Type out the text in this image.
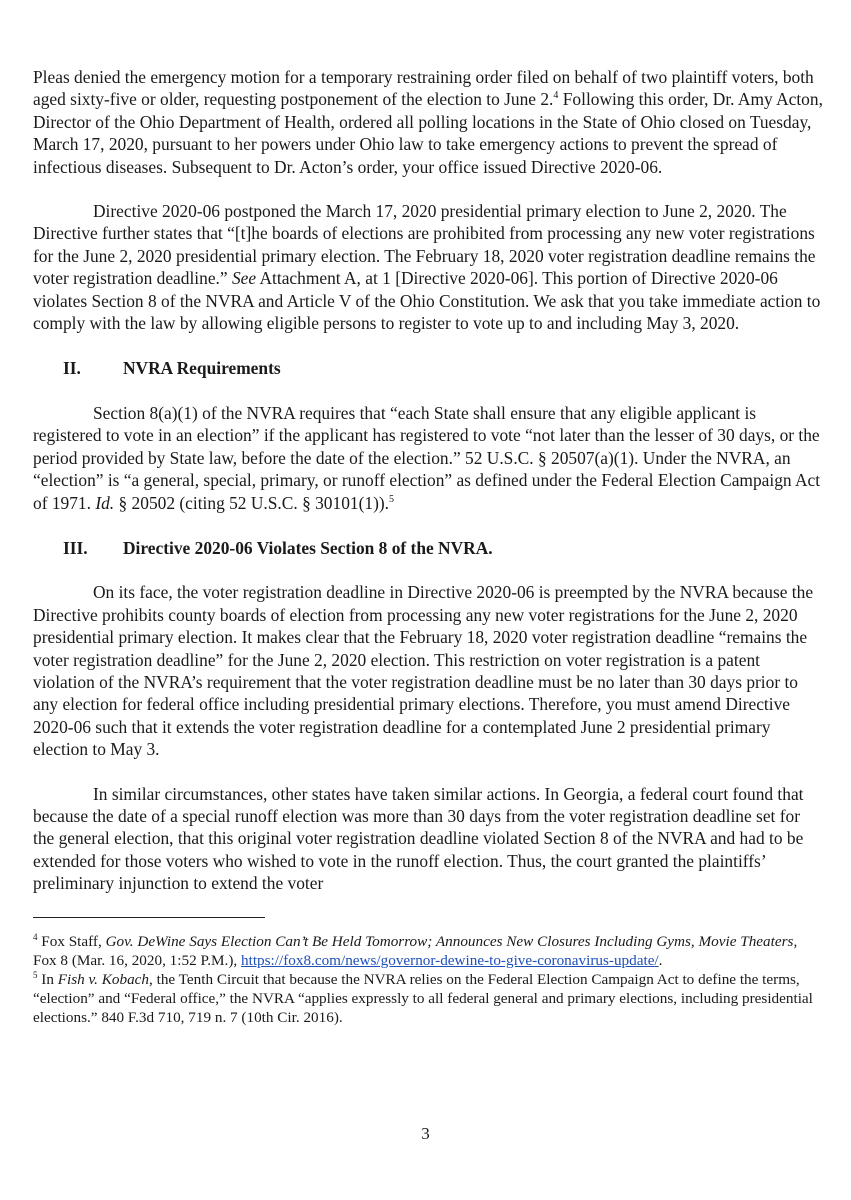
Pleas denied the emergency motion for a temporary restraining order filed on behalf of two plaintiff voters, both aged sixty-five or older, requesting postponement of the election to June 2.$^4$ Following this order, Dr. Amy Acton, Director of the Ohio Department of Health, ordered all polling locations in the State of Ohio closed on Tuesday, March 17, 2020, pursuant to her powers under Ohio law to take emergency actions to prevent the spread of infectious diseases. Subsequent to Dr. Acton’s order, your office issued Directive 2020-06.

Directive 2020-06 postponed the March 17, 2020 presidential primary election to June 2, 2020. The Directive further states that “[t]he boards of elections are prohibited from processing any new voter registrations for the June 2, 2020 presidential primary election. The February 18, 2020 voter registration deadline remains the voter registration deadline.” See Attachment A, at 1 [Directive 2020-06]. This portion of Directive 2020-06 violates Section 8 of the NVRA and Article V of the Ohio Constitution. We ask that you take immediate action to comply with the law by allowing eligible persons to register to vote up to and including May 3, 2020.

II.	NVRA Requirements

Section 8(a)(1) of the NVRA requires that “each State shall ensure that any eligible applicant is registered to vote in an election” if the applicant has registered to vote “not later than the lesser of 30 days, or the period provided by State law, before the date of the election.” 52 U.S.C. § 20507(a)(1). Under the NVRA, an “election” is “a general, special, primary, or runoff election” as defined under the Federal Election Campaign Act of 1971. Id. § 20502 (citing 52 U.S.C. § 30101(1)).$^5$

III.	Directive 2020-06 Violates Section 8 of the NVRA.

On its face, the voter registration deadline in Directive 2020-06 is preempted by the NVRA because the Directive prohibits county boards of election from processing any new voter registrations for the June 2, 2020 presidential primary election. It makes clear that the February 18, 2020 voter registration deadline “remains the voter registration deadline” for the June 2, 2020 election. This restriction on voter registration is a patent violation of the NVRA’s requirement that the voter registration deadline must be no later than 30 days prior to any election for federal office including presidential primary elections. Therefore, you must amend Directive 2020-06 such that it extends the voter registration deadline for a contemplated June 2 presidential primary election to May 3.

In similar circumstances, other states have taken similar actions. In Georgia, a federal court found that because the date of a special runoff election was more than 30 days from the voter registration deadline set for the general election, that this original voter registration deadline violated Section 8 of the NVRA and had to be extended for those voters who wished to vote in the runoff election. Thus, the court granted the plaintiffs’ preliminary injunction to extend the voter

$^4$ Fox Staff, Gov. DeWine Says Election Can’t Be Held Tomorrow; Announces New Closures Including Gyms, Movie Theaters, Fox 8 (Mar. 16, 2020, 1:52 P.M.), https://fox8.com/news/governor-dewine-to-give-coronavirus-update/.

$^5$ In Fish v. Kobach, the Tenth Circuit that because the NVRA relies on the Federal Election Campaign Act to define the terms, “election” and “Federal office,” the NVRA “applies expressly to all federal general and primary elections, including presidential elections.” 840 F.3d 710, 719 n. 7 (10th Cir. 2016).

3
